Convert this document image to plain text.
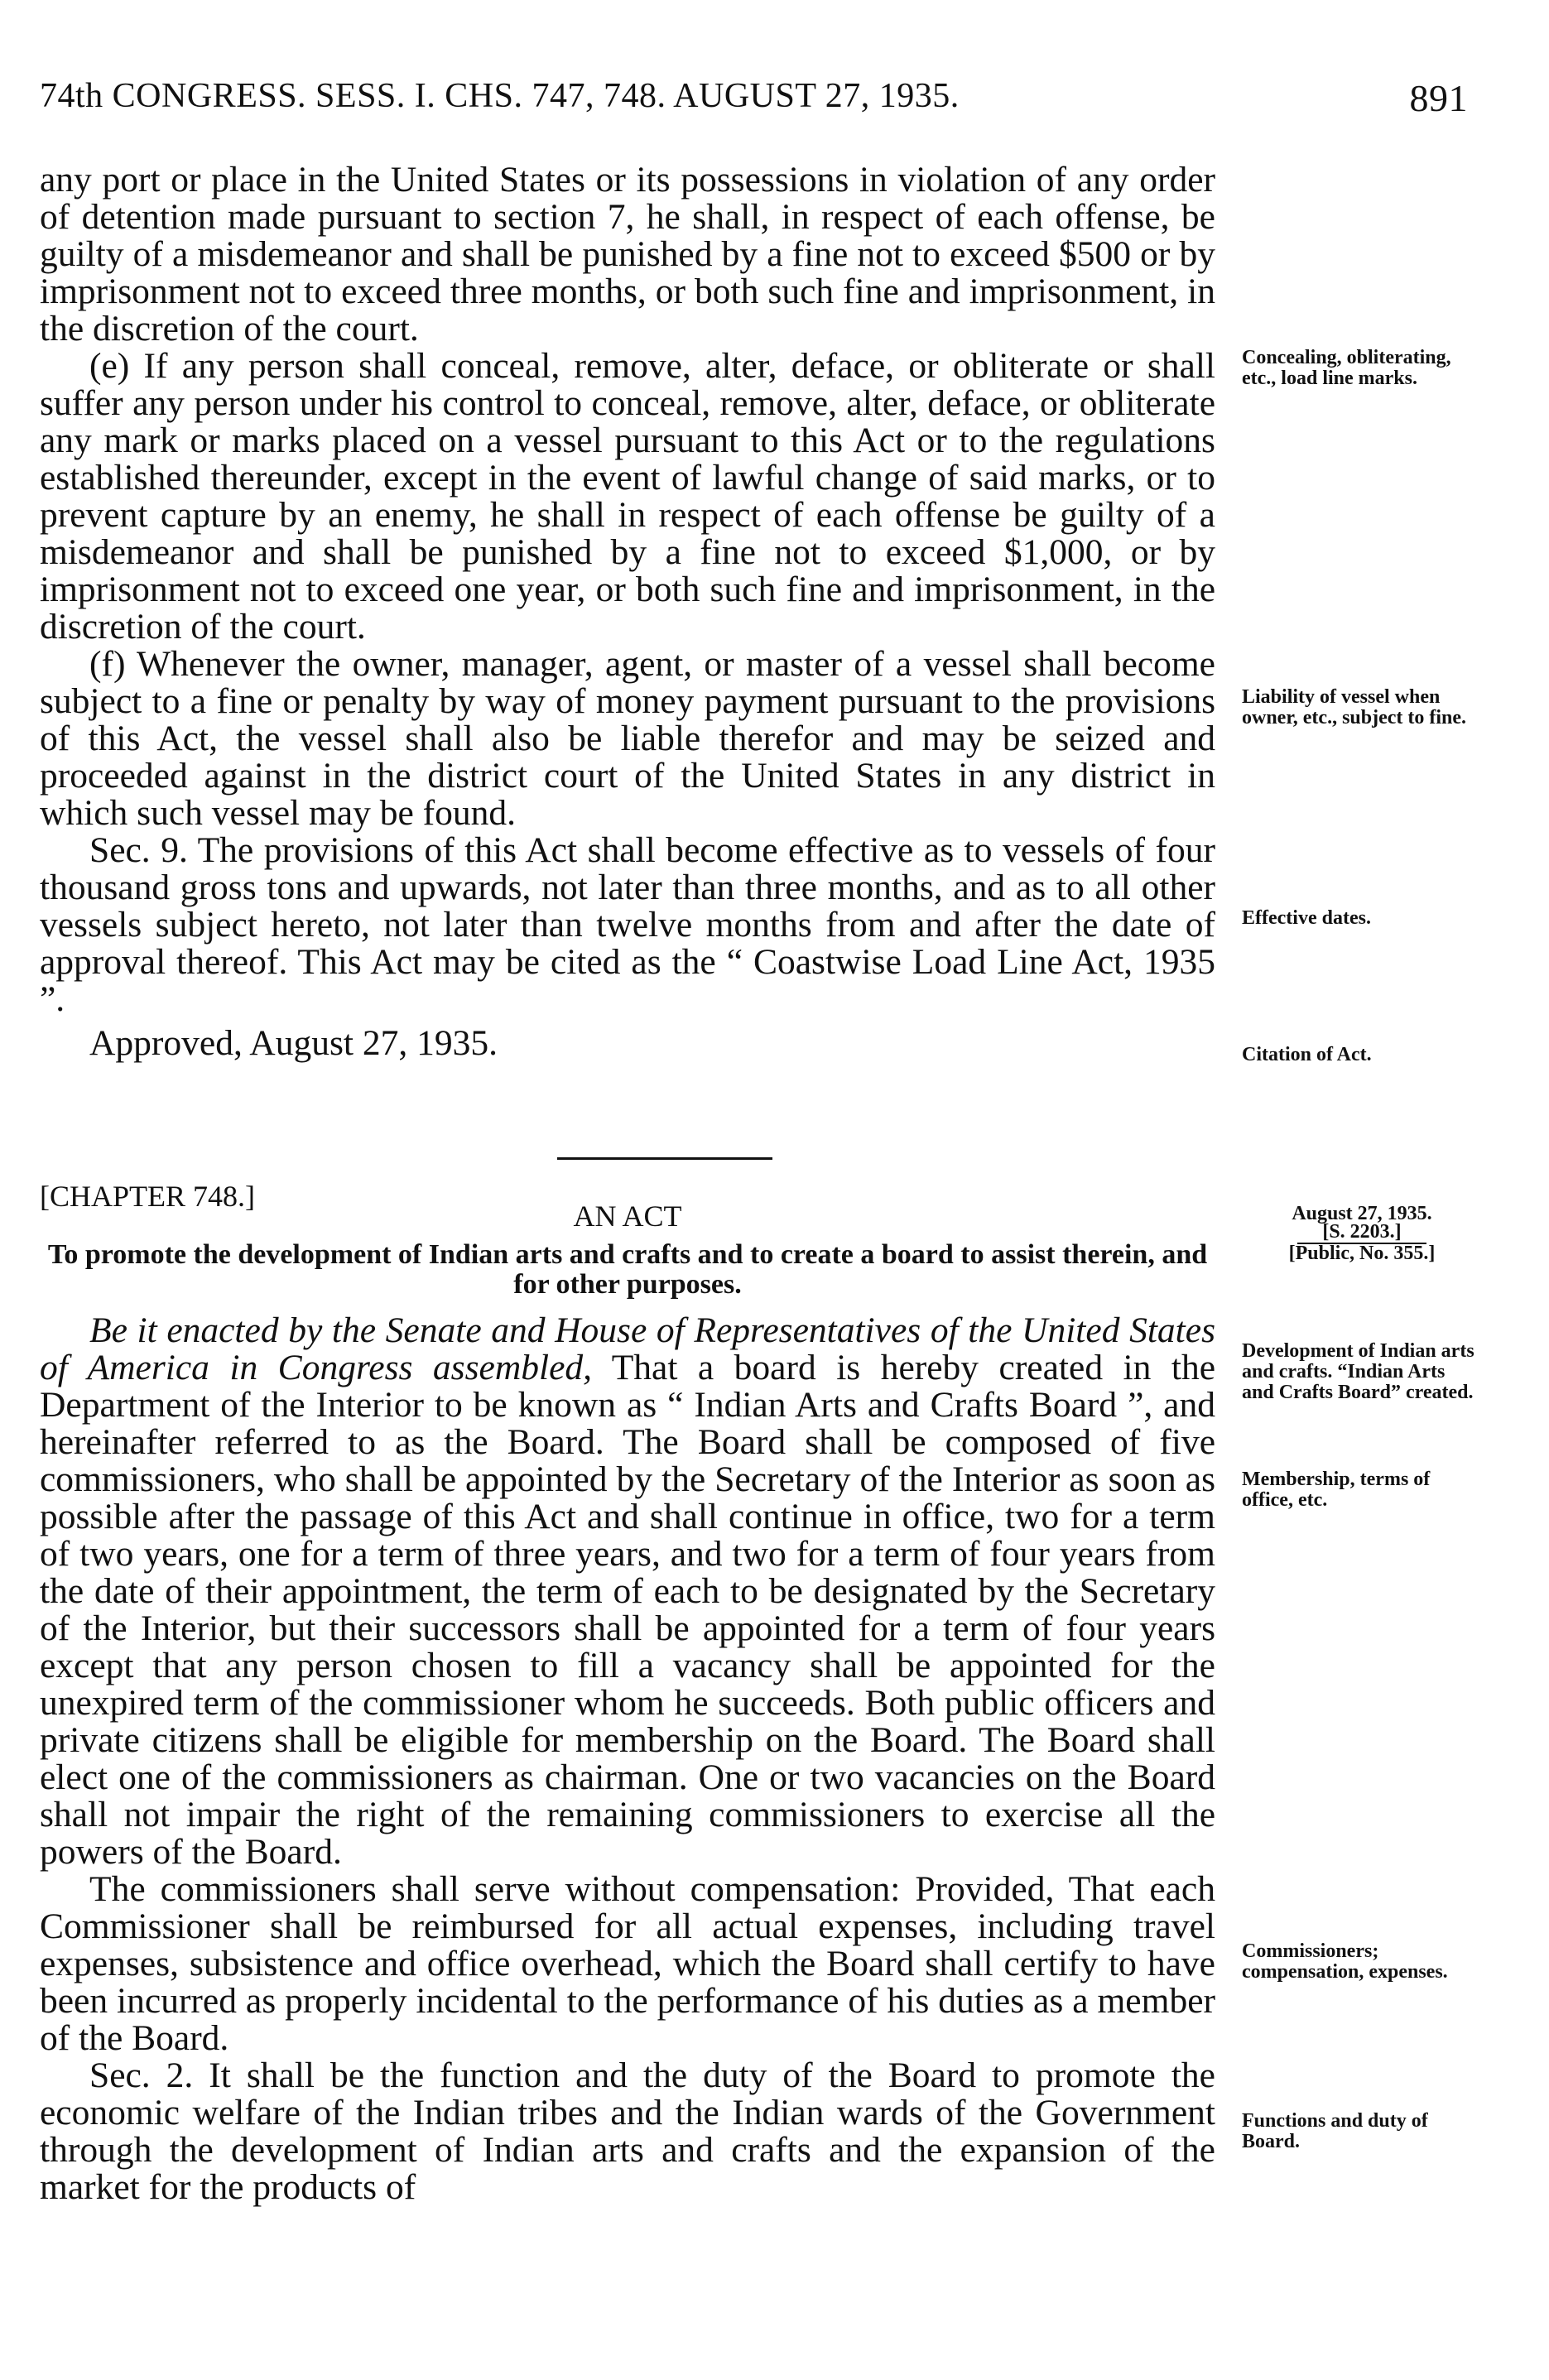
74th CONGRESS. SESS. I. CHS. 747, 748. AUGUST 27, 1935.	891

any port or place in the United States or its possessions in violation of any order of detention made pursuant to section 7, he shall, in respect of each offense, be guilty of a misdemeanor and shall be punished by a fine not to exceed $500 or by imprisonment not to exceed three months, or both such fine and imprisonment, in the discretion of the court.

(e) If any person shall conceal, remove, alter, deface, or obliterate or shall suffer any person under his control to conceal, remove, alter, deface, or obliterate any mark or marks placed on a vessel pursuant to this Act or to the regulations established thereunder, except in the event of lawful change of said marks, or to prevent capture by an enemy, he shall in respect of each offense be guilty of a misdemeanor and shall be punished by a fine not to exceed $1,000, or by imprisonment not to exceed one year, or both such fine and imprisonment, in the discretion of the court.

(f) Whenever the owner, manager, agent, or master of a vessel shall become subject to a fine or penalty by way of money payment pursuant to the provisions of this Act, the vessel shall also be liable therefor and may be seized and proceeded against in the district court of the United States in any district in which such vessel may be found.

Sec. 9. The provisions of this Act shall become effective as to vessels of four thousand gross tons and upwards, not later than three months, and as to all other vessels subject hereto, not later than twelve months from and after the date of approval thereof. This Act may be cited as the “ Coastwise Load Line Act, 1935 ”.

Approved, August 27, 1935.

Concealing, obliterating, etc., load line marks.
Liability of vessel when owner, etc., subject to fine.
Effective dates.
Citation of Act.
[CHAPTER 748.]
AN ACT
To promote the development of Indian arts and crafts and to create a board to assist therein, and for other purposes.
August 27, 1935.
[S. 2203.]
[Public, No. 355.]

Be it enacted by the Senate and House of Representatives of the United States of America in Congress assembled, That a board is hereby created in the Department of the Interior to be known as “ Indian Arts and Crafts Board ”, and hereinafter referred to as the Board. The Board shall be composed of five commissioners, who shall be appointed by the Secretary of the Interior as soon as possible after the passage of this Act and shall continue in office, two for a term of two years, one for a term of three years, and two for a term of four years from the date of their appointment, the term of each to be designated by the Secretary of the Interior, but their successors shall be appointed for a term of four years except that any person chosen to fill a vacancy shall be appointed for the unexpired term of the commissioner whom he succeeds. Both public officers and private citizens shall be eligible for membership on the Board. The Board shall elect one of the commissioners as chairman. One or two vacancies on the Board shall not impair the right of the remaining commissioners to exercise all the powers of the Board.

The commissioners shall serve without compensation: Provided, That each Commissioner shall be reimbursed for all actual expenses, including travel expenses, subsistence and office overhead, which the Board shall certify to have been incurred as properly incidental to the performance of his duties as a member of the Board.

Sec. 2. It shall be the function and the duty of the Board to promote the economic welfare of the Indian tribes and the Indian wards of the Government through the development of Indian arts and crafts and the expansion of the market for the products of

Development of Indian arts and crafts. “Indian Arts and Crafts Board” created.
Membership, terms of office, etc.
Commissioners; compensation, expenses.
Functions and duty of Board.
